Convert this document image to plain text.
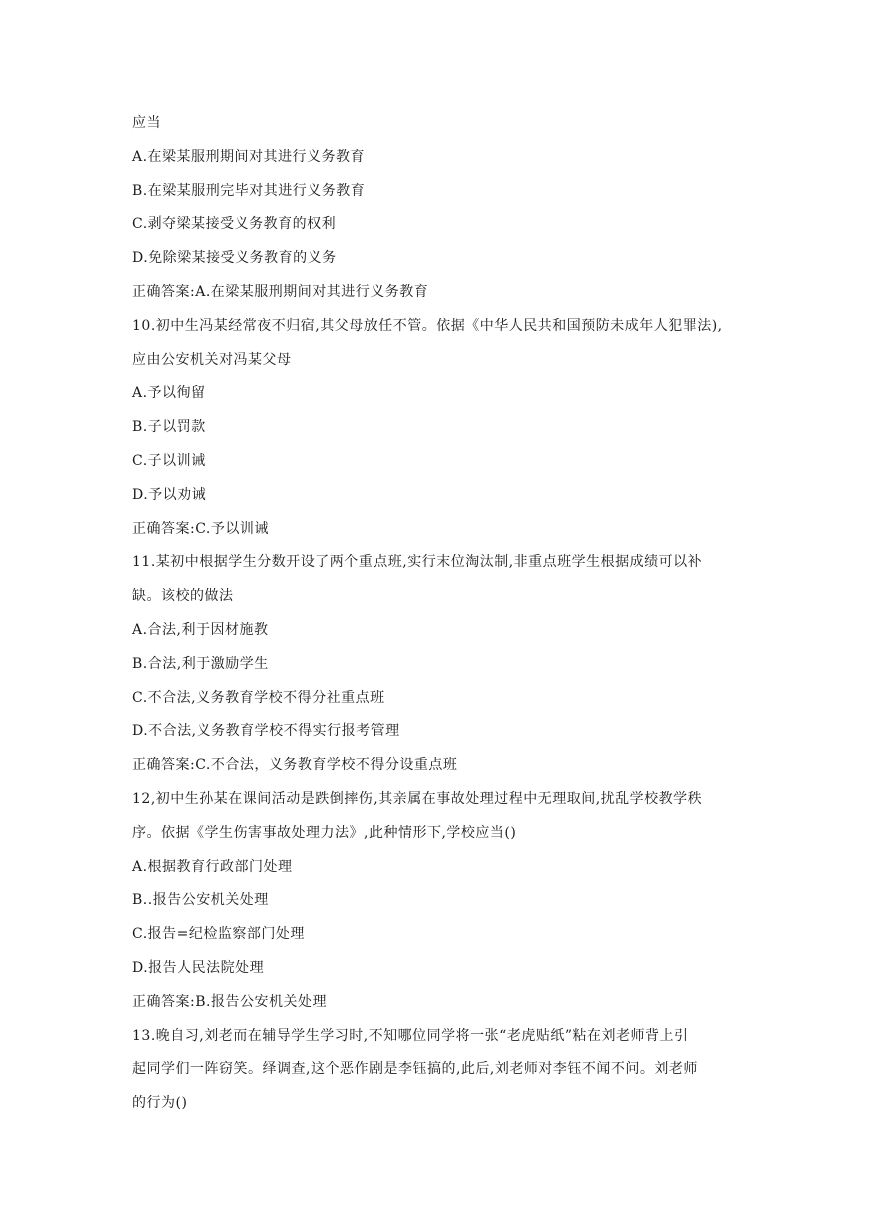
应当
A.在梁某服刑期间对其进行义务教育
B.在梁某服刑完毕对其进行义务教育
C.剥夺梁某接受义务教育的权利
D.免除梁某接受义务教育的义务
正确答案:A.在梁某服刑期间对其进行义务教育
10.初中生冯某经常夜不归宿,其父母放任不管。依据《中华人民共和国预防未成年人犯罪法),
应由公安机关对冯某父母
A.予以徇留
B.子以罚款
C.子以训诫
D.予以劝诫
正确答案:C.予以训诫
11.某初中根据学生分数开设了两个重点班,实行末位淘汰制,非重点班学生根据成绩可以补
缺。该校的做法
A.合法,利于因材施教
B.合法,利于激励学生
C.不合法,义务教育学校不得分社重点班
D.不合法,义务教育学校不得实行报考管理
正确答案:C.不合法，义务教育学校不得分设重点班
12,初中生孙某在课间活动是跌倒摔伤,其亲属在事故处理过程中无理取间,扰乱学校教学秩
序。依据《学生伤害事故处理力法》,此种情形下,学校应当()
A.根据教育行政部门处理
B..报告公安机关处理
C.报告=纪检监察部门处理
D.报告人民法院处理
正确答案:B.报告公安机关处理
13.晚自习,刘老而在辅导学生学习时,不知哪位同学将一张“老虎贴纸”粘在刘老师背上引
起同学们一阵窃笑。绎调查,这个恶作剧是李钰搞的,此后,刘老师对李钰不闻不问。刘老师
的行为()
